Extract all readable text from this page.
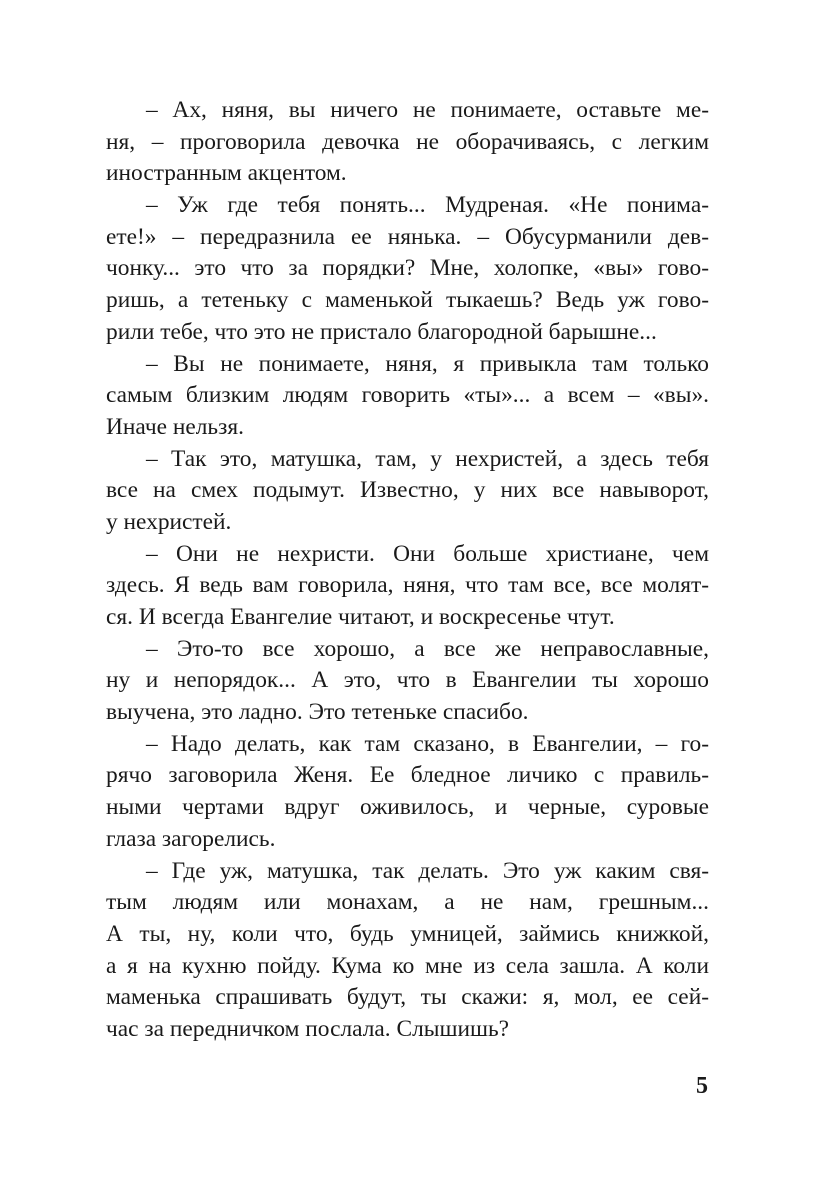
– Ах, няня, вы ничего не понимаете, оставьте ме-
ня, – проговорила девочка не оборачиваясь, с легким
иностранным акцентом.

– Уж где тебя понять... Мудреная. «Не понима-
ете!» – передразнила ее нянька. – Обусурманили дев-
чонку... это что за порядки? Мне, холопке, «вы» гово-
ришь, а тетеньку с маменькой тыкаешь? Ведь уж гово-
рили тебе, что это не пристало благородной барышне...

– Вы не понимаете, няня, я привыкла там только
самым близким людям говорить «ты»... а всем – «вы».
Иначе нельзя.

– Так это, матушка, там, у нехристей, а здесь тебя
все на смех подымут. Известно, у них все навыворот,
у нехристей.

– Они не нехристи. Они больше христиане, чем
здесь. Я ведь вам говорила, няня, что там все, все молят-
ся. И всегда Евангелие читают, и воскресенье чтут.

– Это-то все хорошо, а все же неправославные,
ну и непорядок... А это, что в Евангелии ты хорошо
выучена, это ладно. Это тетеньке спасибо.

– Надо делать, как там сказано, в Евангелии, – го-
рячо заговорила Женя. Ее бледное личико с правиль-
ными чертами вдруг оживилось, и черные, суровые
глаза загорелись.

– Где уж, матушка, так делать. Это уж каким свя-
тым людям или монахам, а не нам, грешным...
А ты, ну, коли что, будь умницей, займись книжкой,
а я на кухню пойду. Кума ко мне из села зашла. А коли
маменька спрашивать будут, ты скажи: я, мол, ее сей-
час за передничком послала. Слышишь?

5
